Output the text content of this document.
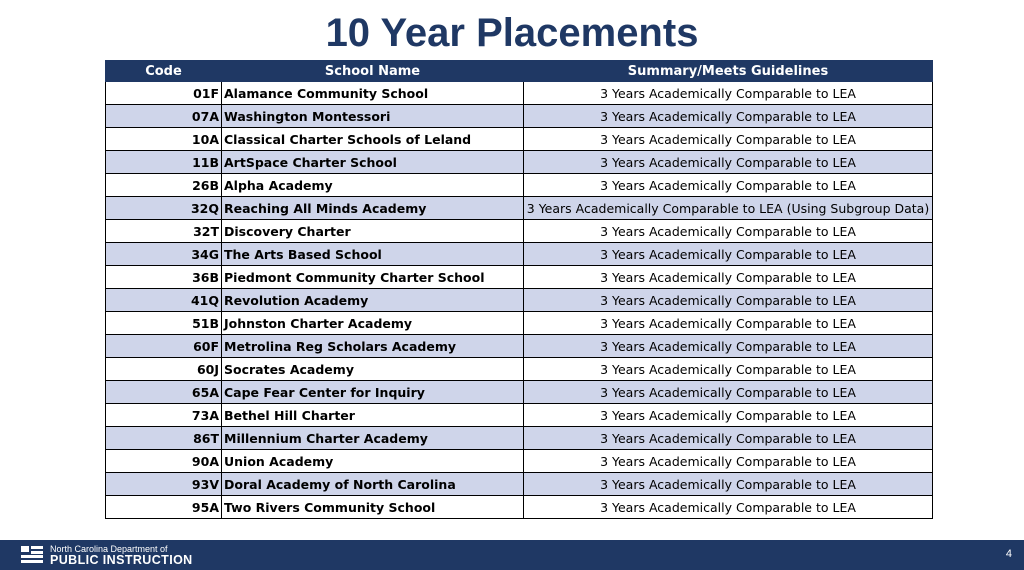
10 Year Placements
Code	School Name	Summary/Meets Guidelines
01F	Alamance Community School	3 Years Academically Comparable to LEA
07A	Washington Montessori	3 Years Academically Comparable to LEA
10A	Classical Charter Schools of Leland	3 Years Academically Comparable to LEA
11B	ArtSpace Charter School	3 Years Academically Comparable to LEA
26B	Alpha Academy	3 Years Academically Comparable to LEA
32Q	Reaching All Minds Academy	3 Years Academically Comparable to LEA (Using Subgroup Data)
32T	Discovery Charter	3 Years Academically Comparable to LEA
34G	The Arts Based School	3 Years Academically Comparable to LEA
36B	Piedmont Community Charter School	3 Years Academically Comparable to LEA
41Q	Revolution Academy	3 Years Academically Comparable to LEA
51B	Johnston Charter Academy	3 Years Academically Comparable to LEA
60F	Metrolina Reg Scholars Academy	3 Years Academically Comparable to LEA
60J	Socrates Academy	3 Years Academically Comparable to LEA
65A	Cape Fear Center for Inquiry	3 Years Academically Comparable to LEA
73A	Bethel Hill Charter	3 Years Academically Comparable to LEA
86T	Millennium Charter Academy	3 Years Academically Comparable to LEA
90A	Union Academy	3 Years Academically Comparable to LEA
93V	Doral Academy of North Carolina	3 Years Academically Comparable to LEA
95A	Two Rivers Community School	3 Years Academically Comparable to LEA
North Carolina Department of
PUBLIC INSTRUCTION	4
